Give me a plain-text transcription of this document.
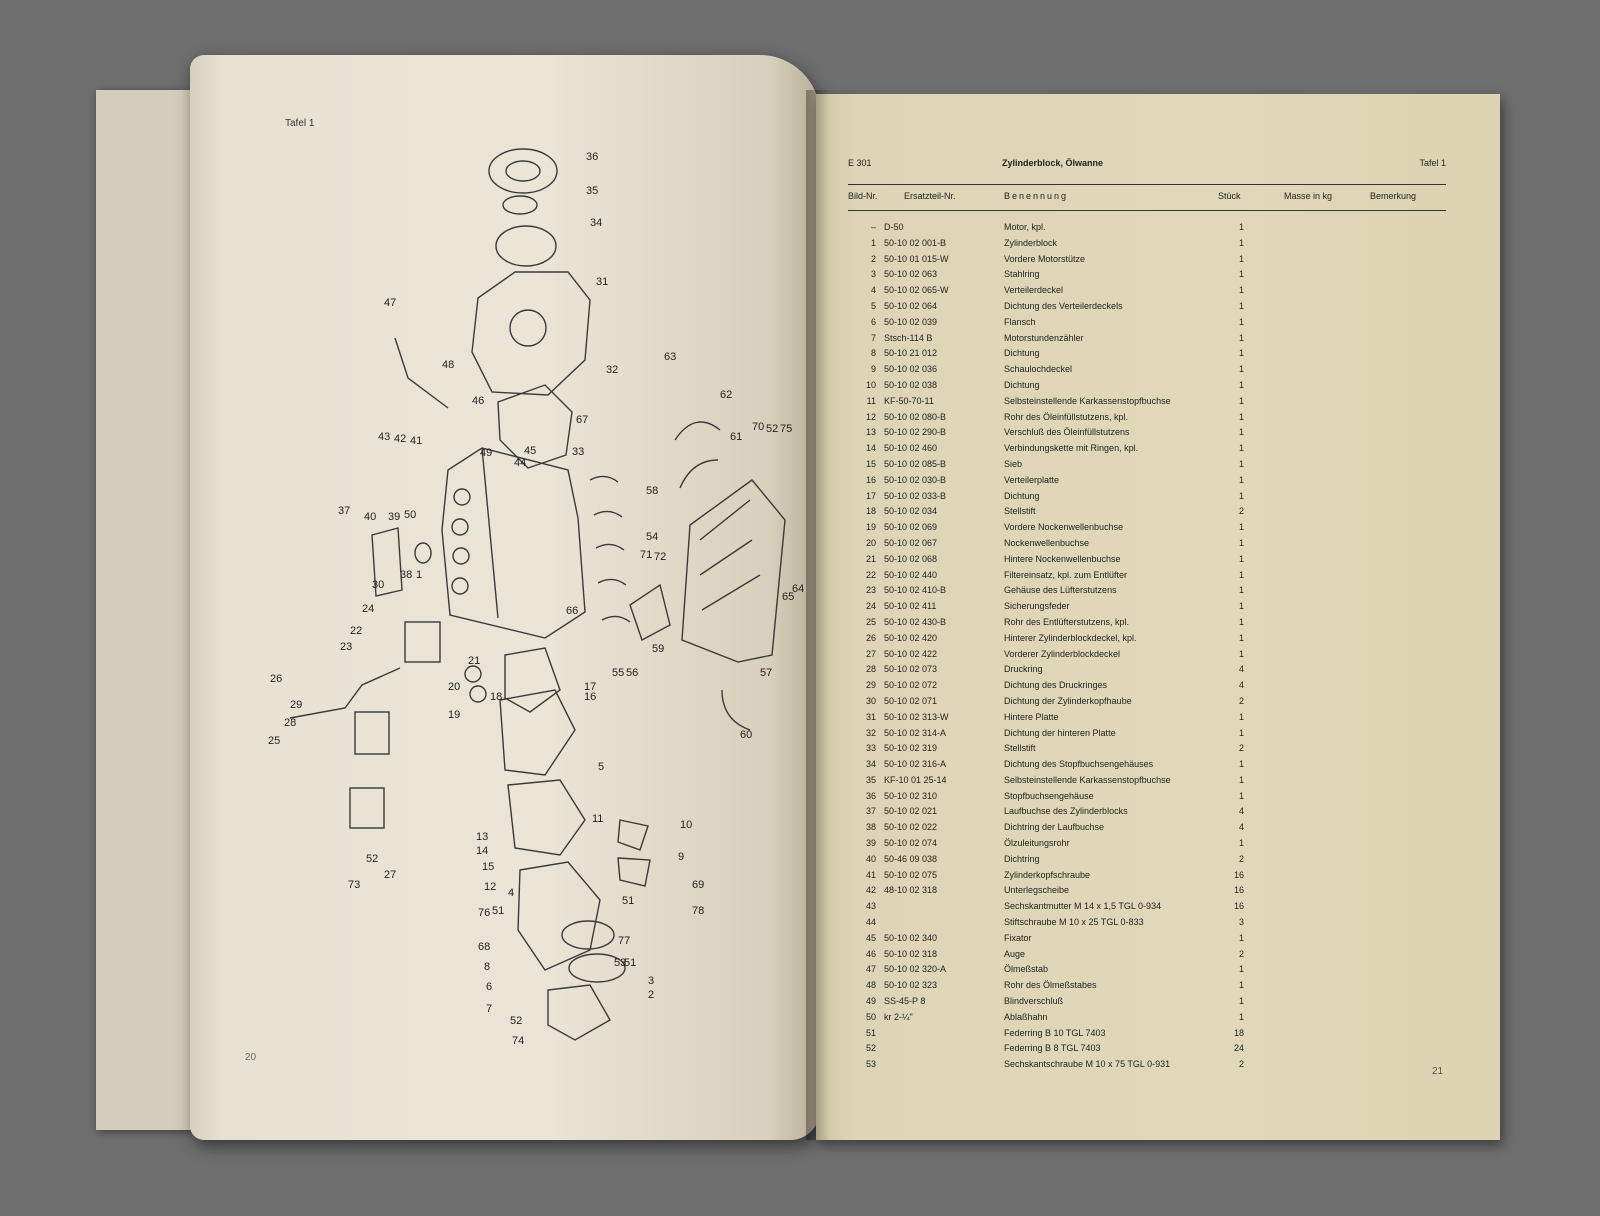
Tafel 1
20
36
35
34
31
32
67
33
47
48
46
45
44
49
43 42 41
37 40 39 50
38 1
30
24
22
23
26
29
28
25
52
73
27
21
20
19
18
17
16
5
11	10
9
69
78
51
13
14
15
12 4
51
76
68
8
6
7
52
74
77
53
51
3
2
63
62
61
70 52 75
58
54
71 72
55 56
66
59
57
60
65
64
E 301	Zylinderblock, Ölwanne	Tafel 1
Bild-Nr.	Ersatzteil-Nr.	Benennung	Stück	Masse in kg	Bemerkung
– D-50	Motor, kpl.	1
1 50-10 02 001-B	Zylinderblock	1
2 50-10 01 015-W	Vordere Motorstütze	1
3 50-10 02 063	Stahlring	1
4 50-10 02 065-W	Verteilerdeckel	1
5 50-10 02 064	Dichtung des Verteilerdeckels	1
6 50-10 02 039	Flansch	1
7 Stsch-114 B	Motorstundenzähler	1
8 50-10 21 012	Dichtung	1
9 50-10 02 036	Schaulochdeckel	1
10 50-10 02 038	Dichtung	1
11 KF-50-70-11	Selbsteinstellende Karkassenstopfbuchse	1
12 50-10 02 080-B	Rohr des Öleinfüllstutzens, kpl.	1
13 50-10 02 290-B	Verschluß des Öleinfüllstutzens	1
14 50-10 02 460	Verbindungskette mit Ringen, kpl.	1
15 50-10 02 085-B	Sieb	1
16 50-10 02 030-B	Verteilerplatte	1
17 50-10 02 033-B	Dichtung	1
18 50-10 02 034	Stellstift	2
19 50-10 02 069	Vordere Nockenwellenbuchse	1
20 50-10 02 067	Nockenwellenbuchse	1
21 50-10 02 068	Hintere Nockenwellenbuchse	1
22 50-10 02 440	Filtereinsatz, kpl. zum Entlüfter	1
23 50-10 02 410-B	Gehäuse des Lüfterstutzens	1
24 50-10 02 411	Sicherungsfeder	1
25 50-10 02 430-B	Rohr des Entlüfterstutzens, kpl.	1
26 50-10 02 420	Hinterer Zylinderblockdeckel, kpl.	1
27 50-10 02 422	Vorderer Zylinderblockdeckel	1
28 50-10 02 073	Druckring	4
29 50-10 02 072	Dichtung des Druckringes	4
30 50-10 02 071	Dichtung der Zylinderkopfhaube	2
31 50-10 02 313-W	Hintere Platte	1
32 50-10 02 314-A	Dichtung der hinteren Platte	1
33 50-10 02 319	Stellstift	2
34 50-10 02 316-A	Dichtung des Stopfbuchsengehäuses	1
35 KF-10 01 25-14	Selbsteinstellende Karkassenstopfbuchse	1
36 50-10 02 310	Stopfbuchsengehäuse	1
37 50-10 02 021	Laufbuchse des Zylinderblocks	4
38 50-10 02 022	Dichtring der Laufbuchse	4
39 50-10 02 074	Ölzuleitungsrohr	1
40 50-46 09 038	Dichtring	2
41 50-10 02 075	Zylinderkopfschraube	16
42 48-10 02 318	Unterlegscheibe	16
43	Sechskantmutter M 14 x 1,5 TGL 0-934	16
44	Stiftschraube M 10 x 25 TGL 0-833	3
45 50-10 02 340	Fixator	1
46 50-10 02 318	Auge	2
47 50-10 02 320-A	Ölmeßstab	1
48 50-10 02 323	Rohr des Ölmeßstabes	1
49 SS-45-P 8	Blindverschluß	1
50 kr 2-¼"	Ablaßhahn	1
51	Federring B 10 TGL 7403	18
52	Federring B 8 TGL 7403	24
53	Sechskantschraube M 10 x 75 TGL 0-931	2
21
